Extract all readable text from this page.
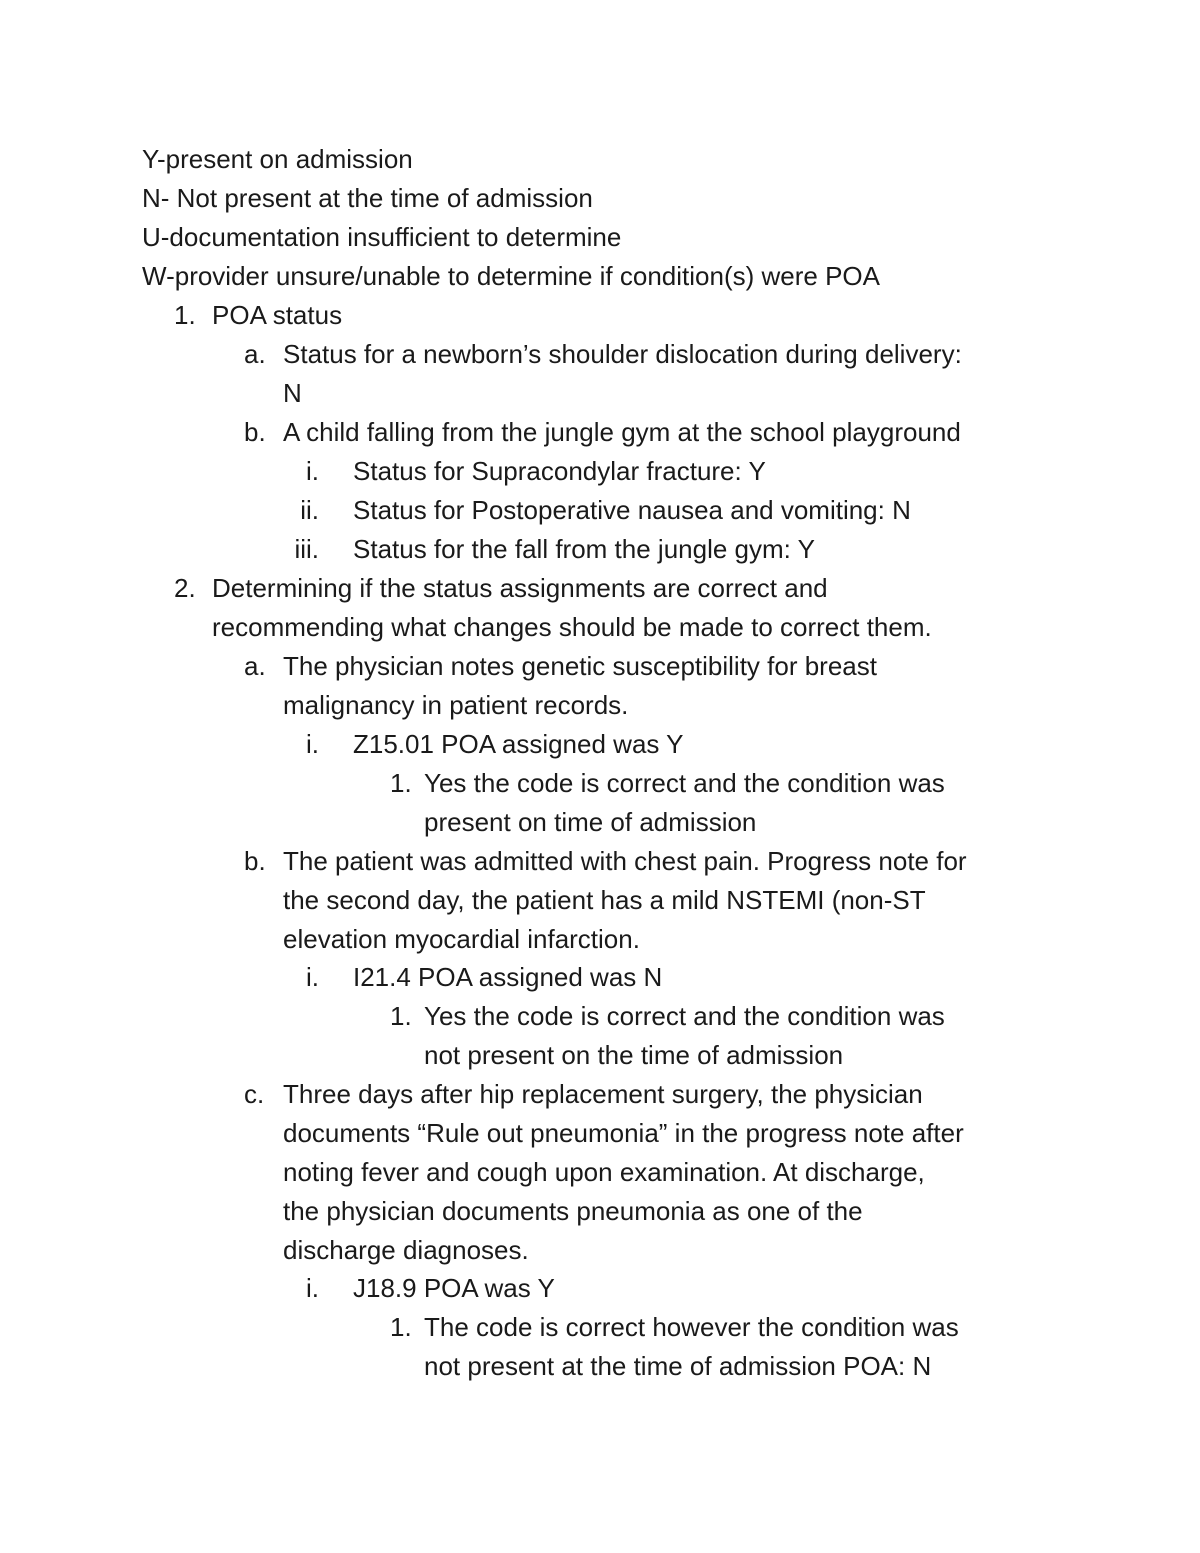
Y-present on admission
N- Not present at the time of admission
U-documentation insufficient to determine
W-provider unsure/unable to determine if condition(s) were POA
1. POA status
a. Status for a newborn’s shoulder dislocation during delivery:
N
b. A child falling from the jungle gym at the school playground
i. Status for Supracondylar fracture: Y
ii. Status for Postoperative nausea and vomiting: N
iii. Status for the fall from the jungle gym: Y
2. Determining if the status assignments are correct and
recommending what changes should be made to correct them.
a. The physician notes genetic susceptibility for breast
malignancy in patient records.
i. Z15.01 POA assigned was Y
1. Yes the code is correct and the condition was
present on time of admission
b. The patient was admitted with chest pain. Progress note for
the second day, the patient has a mild NSTEMI (non-ST
elevation myocardial infarction.
i. I21.4 POA assigned was N
1. Yes the code is correct and the condition was
not present on the time of admission
c. Three days after hip replacement surgery, the physician
documents “Rule out pneumonia” in the progress note after
noting fever and cough upon examination. At discharge,
the physician documents pneumonia as one of the
discharge diagnoses.
i. J18.9 POA was Y
1. The code is correct however the condition was
not present at the time of admission POA: N
